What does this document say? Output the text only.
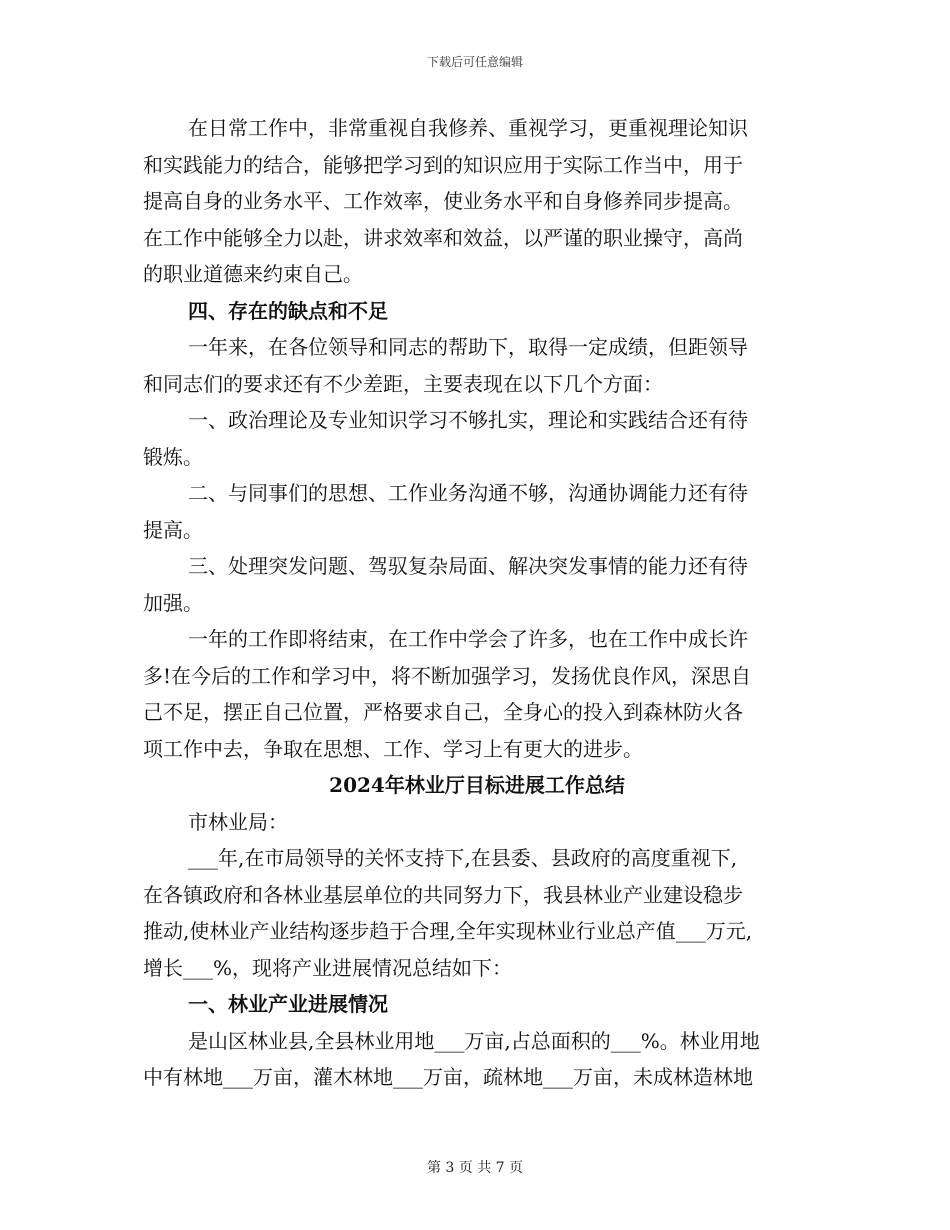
下载后可任意编辑

在日常工作中，非常重视自我修养、重视学习，更重视理论知识

和实践能力的结合，能够把学习到的知识应用于实际工作当中，用于

提高自身的业务水平、工作效率，使业务水平和自身修养同步提高。

在工作中能够全力以赴，讲求效率和效益，以严谨的职业操守，高尚

的职业道德来约束自己。

四、存在的缺点和不足

一年来，在各位领导和同志的帮助下，取得一定成绩，但距领导

和同志们的要求还有不少差距，主要表现在以下几个方面：

一、政治理论及专业知识学习不够扎实，理论和实践结合还有待

锻炼。

二、与同事们的思想、工作业务沟通不够，沟通协调能力还有待

提高。

三、处理突发问题、驾驭复杂局面、解决突发事情的能力还有待

加强。

一年的工作即将结束，在工作中学会了许多，也在工作中成长许

多!在今后的工作和学习中，将不断加强学习，发扬优良作风，深思自

己不足，摆正自己位置，严格要求自己，全身心的投入到森林防火各

项工作中去，争取在思想、工作、学习上有更大的进步。

2024年林业厅目标进展工作总结

市林业局：

___年,在市局领导的关怀支持下,在县委、县政府的高度重视下,

在各镇政府和各林业基层单位的共同努力下，我县林业产业建设稳步

推动,使林业产业结构逐步趋于合理,全年实现林业行业总产值___万元,

增长___%，现将产业进展情况总结如下：

一、林业产业进展情况

是山区林业县,全县林业用地___万亩,占总面积的___%。林业用地

中有林地___万亩，灌木林地___万亩，疏林地___万亩，未成林造林地

第 3 页 共 7 页
